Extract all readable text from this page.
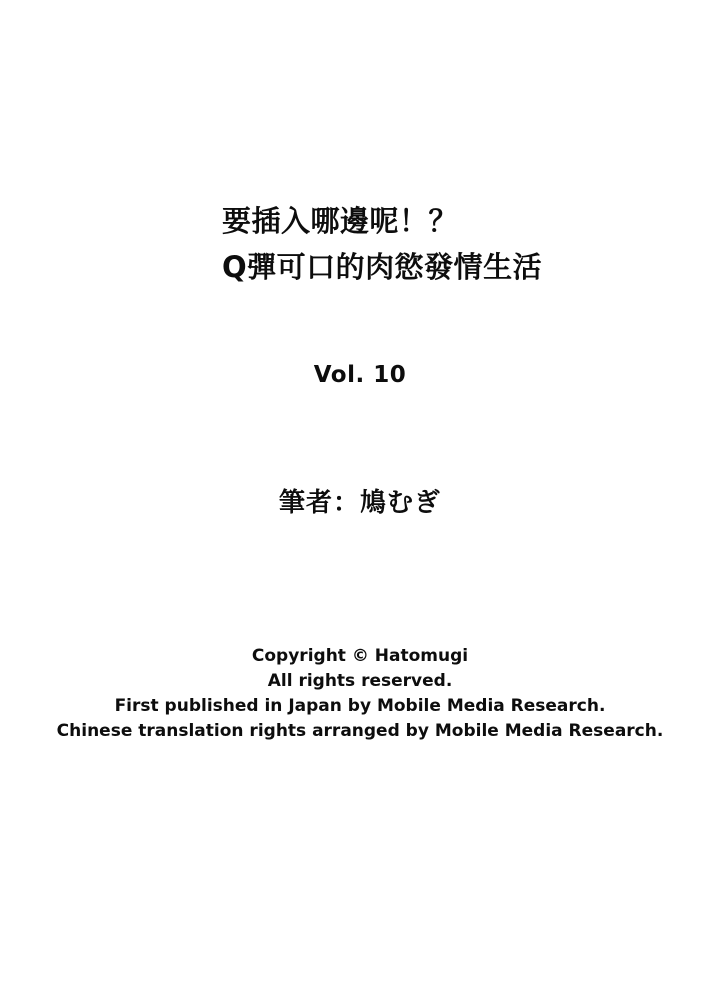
要插入哪邊呢！？
Q彈可口的肉慾發情生活
Vol. 10
筆者：鳩むぎ
Copyright © Hatomugi
All rights reserved.
First published in Japan by Mobile Media Research.
Chinese translation rights arranged by Mobile Media Research.
